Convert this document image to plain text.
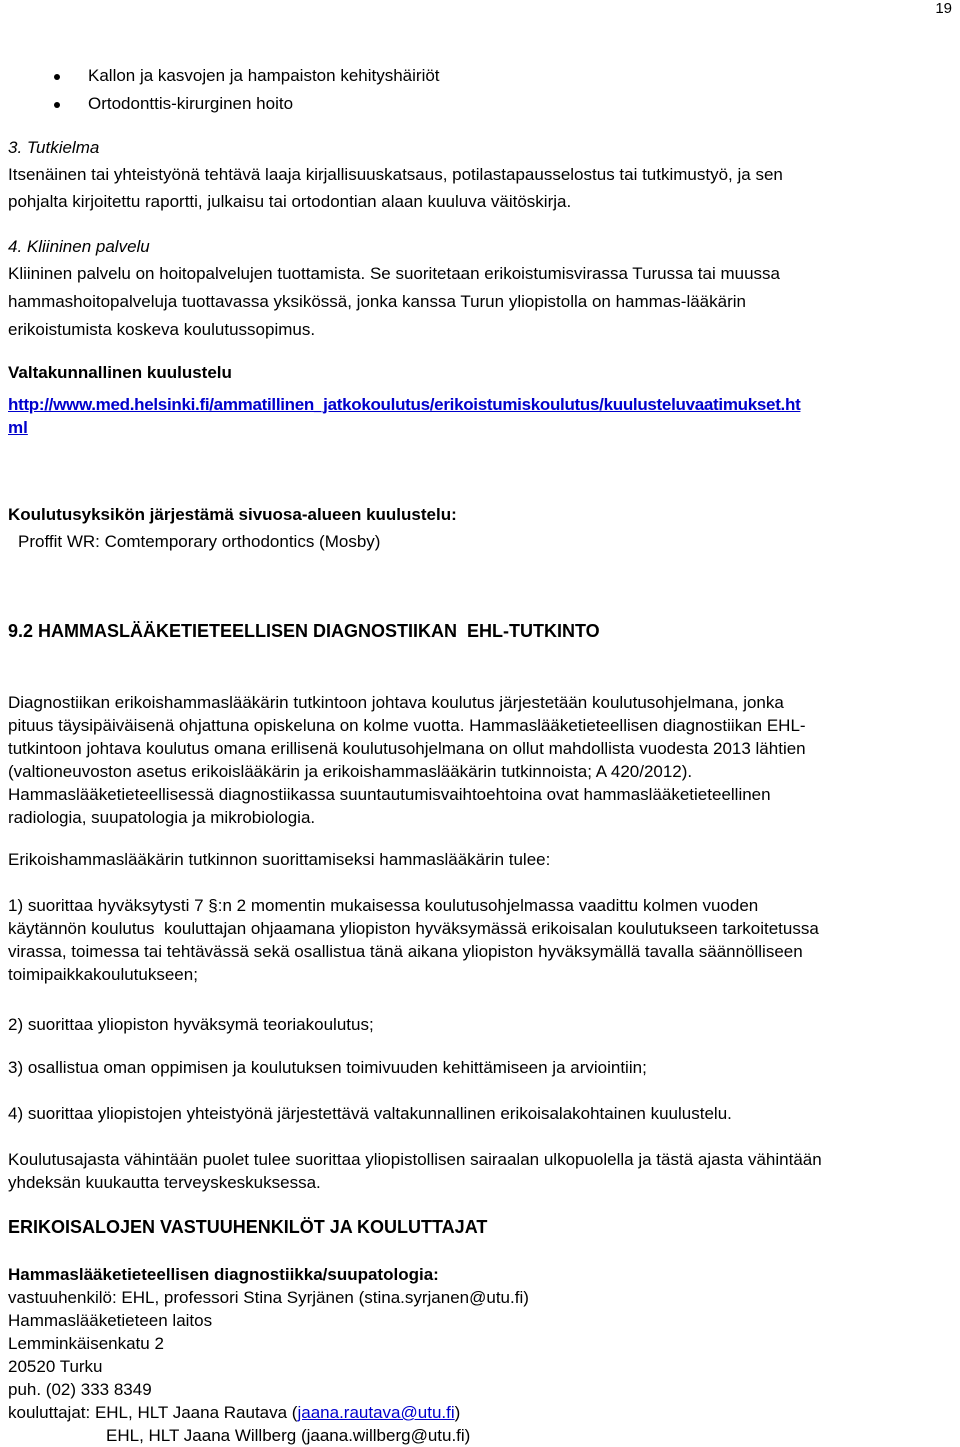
19
Kallon ja kasvojen ja hampaiston kehityshäiriöt
Ortodonttis-kirurginen hoito
3. Tutkielma
Itsenäinen tai yhteistyönä tehtävä laaja kirjallisuuskatsaus, potilastapausselostus tai tutkimustyö, ja sen
pohjalta kirjoitettu raportti, julkaisu tai ortodontian alaan kuuluva väitöskirja.
4. Kliininen palvelu
Kliininen palvelu on hoitopalvelujen tuottamista. Se suoritetaan erikoistumisvirassa Turussa tai muussa
hammashoitopalveluja tuottavassa yksikössä, jonka kanssa Turun yliopistolla on hammas-lääkärin
erikoistumista koskeva koulutussopimus.
Valtakunnallinen kuulustelu
http://www.med.helsinki.fi/ammatillinen_jatkokoulutus/erikoistumiskoulutus/kuulusteluvaatimukset.ht
ml
Koulutusyksikön järjestämä sivuosa-alueen kuulustelu:
Proffit WR: Comtemporary orthodontics (Mosby)
9.2 HAMMASLÄÄKETIETEELLISEN DIAGNOSTIIKAN  EHL-TUTKINTO
Diagnostiikan erikoishammaslääkärin tutkintoon johtava koulutus järjestetään koulutusohjelmana, jonka
pituus täysipäiväisenä ohjattuna opiskeluna on kolme vuotta. Hammaslääketieteellisen diagnostiikan EHL-
tutkintoon johtava koulutus omana erillisenä koulutusohjelmana on ollut mahdollista vuodesta 2013 lähtien
(valtioneuvoston asetus erikoislääkärin ja erikoishammaslääkärin tutkinnoista; A 420/2012).
Hammaslääketieteellisessä diagnostiikassa suuntautumisvaihtoehtoina ovat hammaslääketieteellinen
radiologia, suupatologia ja mikrobiologia.
Erikoishammaslääkärin tutkinnon suorittamiseksi hammaslääkärin tulee:
1) suorittaa hyväksytysti 7 §:n 2 momentin mukaisessa koulutusohjelmassa vaadittu kolmen vuoden
käytännön koulutus  kouluttajan ohjaamana yliopiston hyväksymässä erikoisalan koulutukseen tarkoitetussa
virassa, toimessa tai tehtävässä sekä osallistua tänä aikana yliopiston hyväksymällä tavalla säännölliseen
toimipaikkakoulutukseen;
2) suorittaa yliopiston hyväksymä teoriakoulutus;
3) osallistua oman oppimisen ja koulutuksen toimivuuden kehittämiseen ja arviointiin;
4) suorittaa yliopistojen yhteistyönä järjestettävä valtakunnallinen erikoisalakohtainen kuulustelu.
Koulutusajasta vähintään puolet tulee suorittaa yliopistollisen sairaalan ulkopuolella ja tästä ajasta vähintään
yhdeksän kuukautta terveyskeskuksessa.
ERIKOISALOJEN VASTUUHENKILÖT JA KOULUTTAJAT
Hammaslääketieteellisen diagnostiikka/suupatologia:
vastuuhenkilö: EHL, professori Stina Syrjänen (stina.syrjanen@utu.fi)
Hammaslääketieteen laitos
Lemminkäisenkatu 2
20520 Turku
puh. (02) 333 8349
kouluttajat: EHL, HLT Jaana Rautava (jaana.rautava@utu.fi)
EHL, HLT Jaana Willberg (jaana.willberg@utu.fi)
